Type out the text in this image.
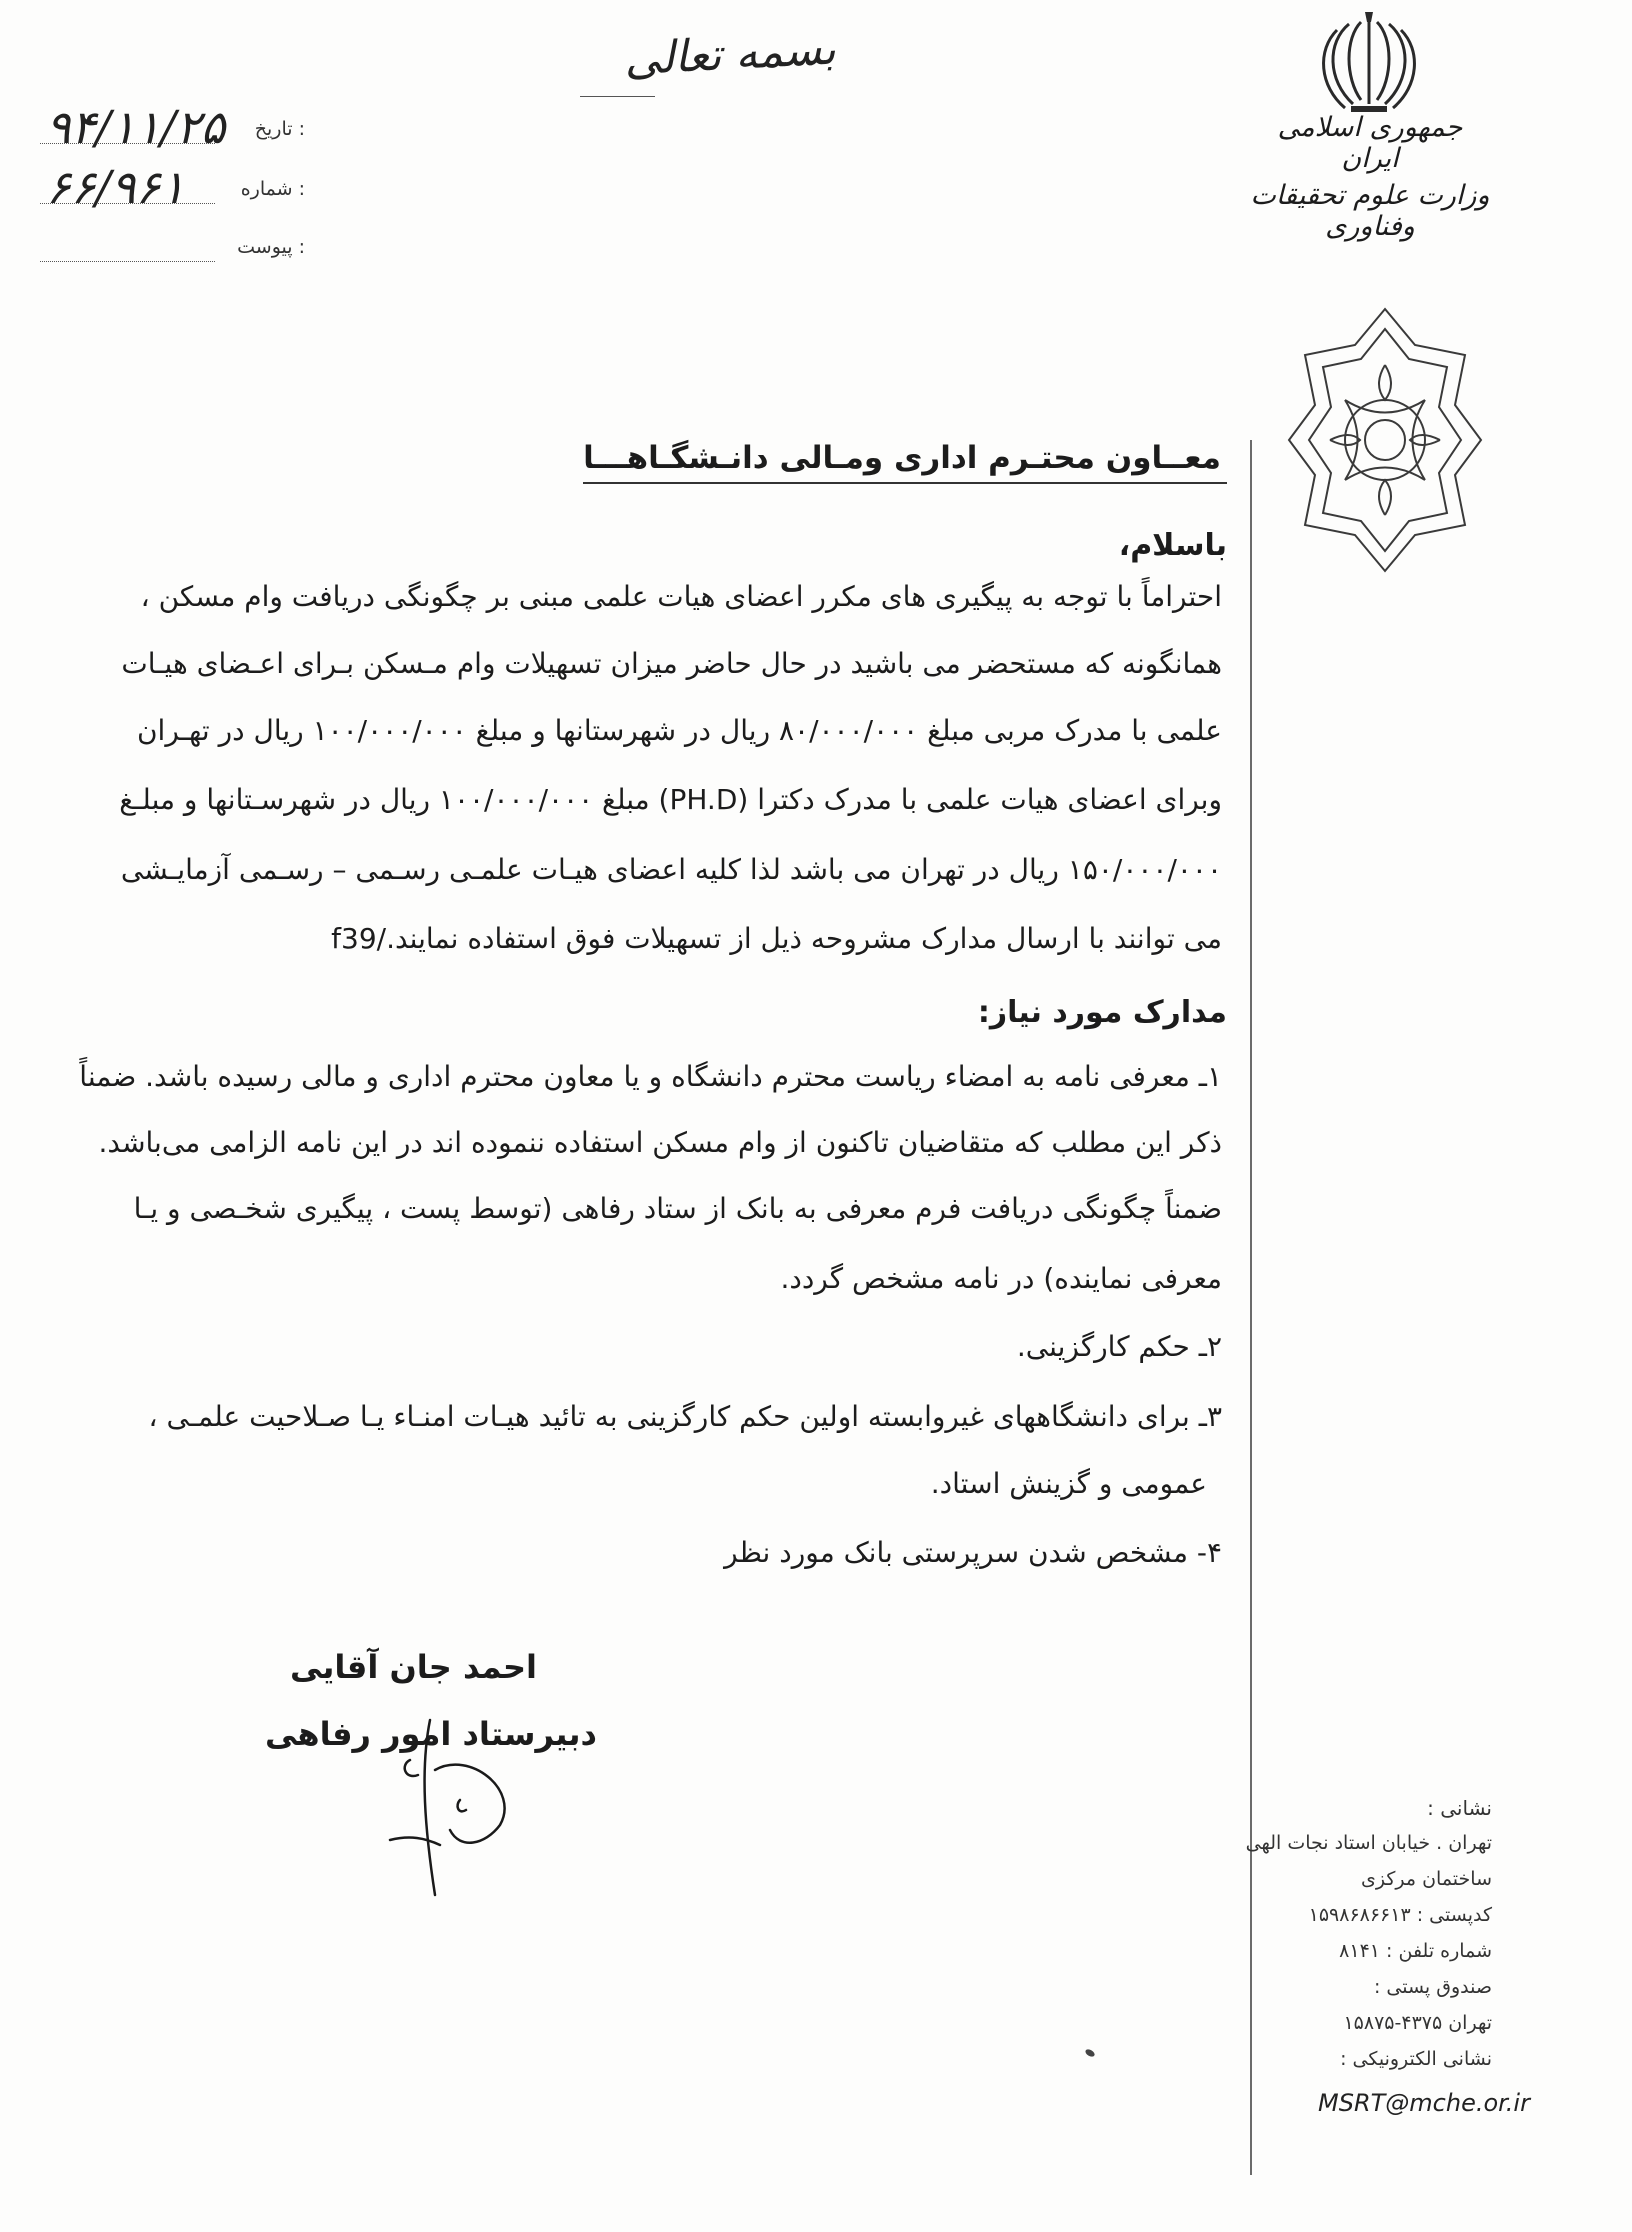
بسمه تعالی
جمهوری اسلامی ایران
وزارت علوم تحقیقات وفناوری
تاریخ :
۹۴/۱۱/۲۵
شماره :
۶۶/۹۶۱
پیوست :
معــاون محتـرم اداری ومـالی دانـشگـاهـــا
باسلام،
احتراماً با توجه به پیگیری های مکرر اعضای هیات علمی مبنی بر چگونگی دریافت وام مسکن ،
همانگونه که مستحضر می باشید در حال حاضر میزان تسهیلات وام مـسکن بـرای اعـضای هیـات
علمی با مدرک مربی مبلغ ۸۰/۰۰۰/۰۰۰ ریال در شهرستانها و مبلغ ۱۰۰/۰۰۰/۰۰۰ ریال در تهـران
وبرای اعضای هیات علمی با مدرک دکترا (PH.D) مبلغ ۱۰۰/۰۰۰/۰۰۰ ریال در شهرسـتانها و مبلـغ
۱۵۰/۰۰۰/۰۰۰ ریال در تهران می باشد لذا کلیه اعضای هیـات علمـی رسـمی – رسـمی آزمایـشی
می توانند با ارسال مدارک مشروحه ذیل از تسهیلات فوق استفاده نمایند./f39
مدارک مورد نیاز:
۱ـ معرفی نامه به امضاء ریاست محترم دانشگاه و یا معاون محترم اداری و مالی رسیده باشد. ضمناً
ذکر این مطلب که متقاضیان تاکنون از وام مسکن استفاده ننموده اند در این نامه الزامی می‌باشد.
ضمناً چگونگی دریافت فرم معرفی به بانک از ستاد رفاهی (توسط پست ، پیگیری شخـصی و یـا
معرفی نماینده) در نامه مشخص گردد.
۲ـ حکم کارگزینی.
۳ـ برای دانشگاههای غیروابسته اولین حکم کارگزینی به تائید هیـات امنـاء یـا صـلاحیت علمـی ،
عمومی و گزینش استاد.
۴- مشخص شدن سرپرستی بانک مورد نظر
احمد جان آقایی
دبیرستاد امور رفاهی
نشانی :
تهران . خیابان استاد نجات الهی
ساختمان مرکزی
کدپستی : ۱۵۹۸۶۸۶۶۱۳
شماره تلفن : ۸۱۴۱
صندوق پستی :
تهران ۴۳۷۵-۱۵۸۷۵
نشانی الکترونیکی :
MSRT@mche.or.ir
